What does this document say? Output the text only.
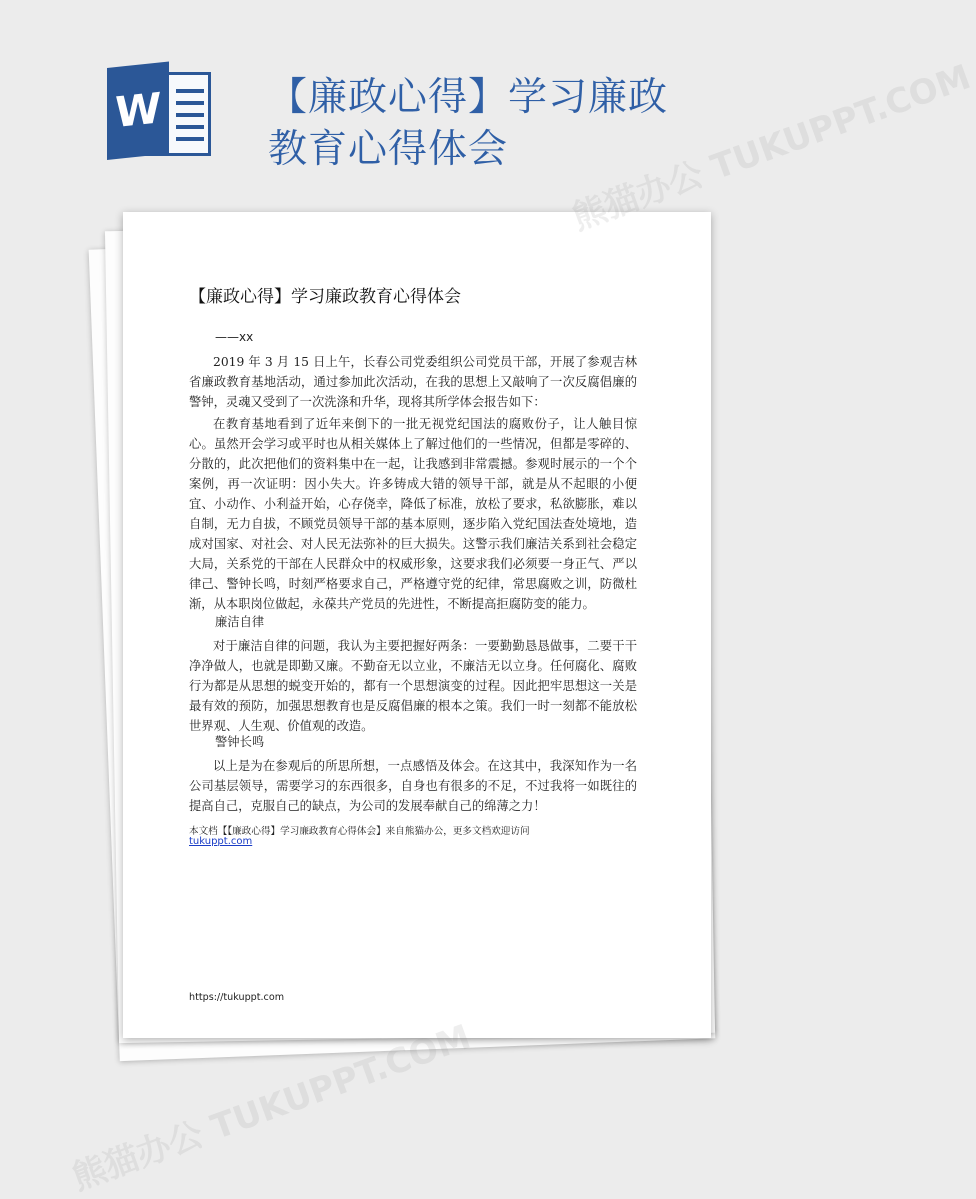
W	【廉政心得】学习廉政
教育心得体会
【廉政心得】学习廉政教育心得体会
——xx

2019 年 3 月 15 日上午，长春公司党委组织公司党员干部，开展了参观吉林省廉政教育基地活动，通过参加此次活动，在我的思想上又敲响了一次反腐倡廉的警钟，灵魂又受到了一次洗涤和升华，现将其所学体会报告如下：

在教育基地看到了近年来倒下的一批无视党纪国法的腐败份子，让人触目惊心。虽然开会学习或平时也从相关媒体上了解过他们的一些情况，但都是零碎的、分散的，此次把他们的资料集中在一起，让我感到非常震撼。参观时展示的一个个案例，再一次证明：因小失大。许多铸成大错的领导干部，就是从不起眼的小便宜、小动作、小利益开始，心存侥幸，降低了标准，放松了要求，私欲膨胀，难以自制，无力自拔，不顾党员领导干部的基本原则，逐步陷入党纪国法查处境地，造成对国家、对社会、对人民无法弥补的巨大损失。这警示我们廉洁关系到社会稳定大局，关系党的干部在人民群众中的权威形象，这要求我们必须要一身正气、严以律己、警钟长鸣，时刻严格要求自己，严格遵守党的纪律，常思腐败之训，防微杜渐，从本职岗位做起，永葆共产党员的先进性，不断提高拒腐防变的能力。

廉洁自律

对于廉洁自律的问题，我认为主要把握好两条：一要勤勤恳恳做事，二要干干净净做人，也就是即勤又廉。不勤奋无以立业，不廉洁无以立身。任何腐化、腐败行为都是从思想的蜕变开始的，都有一个思想演变的过程。因此把牢思想这一关是最有效的预防，加强思想教育也是反腐倡廉的根本之策。我们一时一刻都不能放松世界观、人生观、价值观的改造。

警钟长鸣

以上是为在参观后的所思所想，一点感悟及体会。在这其中，我深知作为一名公司基层领导，需要学习的东西很多，自身也有很多的不足，不过我将一如既往的提高自己，克服自己的缺点，为公司的发展奉献自己的绵薄之力！

本文档【【廉政心得】学习廉政教育心得体会】来自熊猫办公，更多文档欢迎访问
tukuppt.com
https://tukuppt.com
熊猫办公 TUKUPPT.COM
熊猫办公 TUKUPPT.COM
